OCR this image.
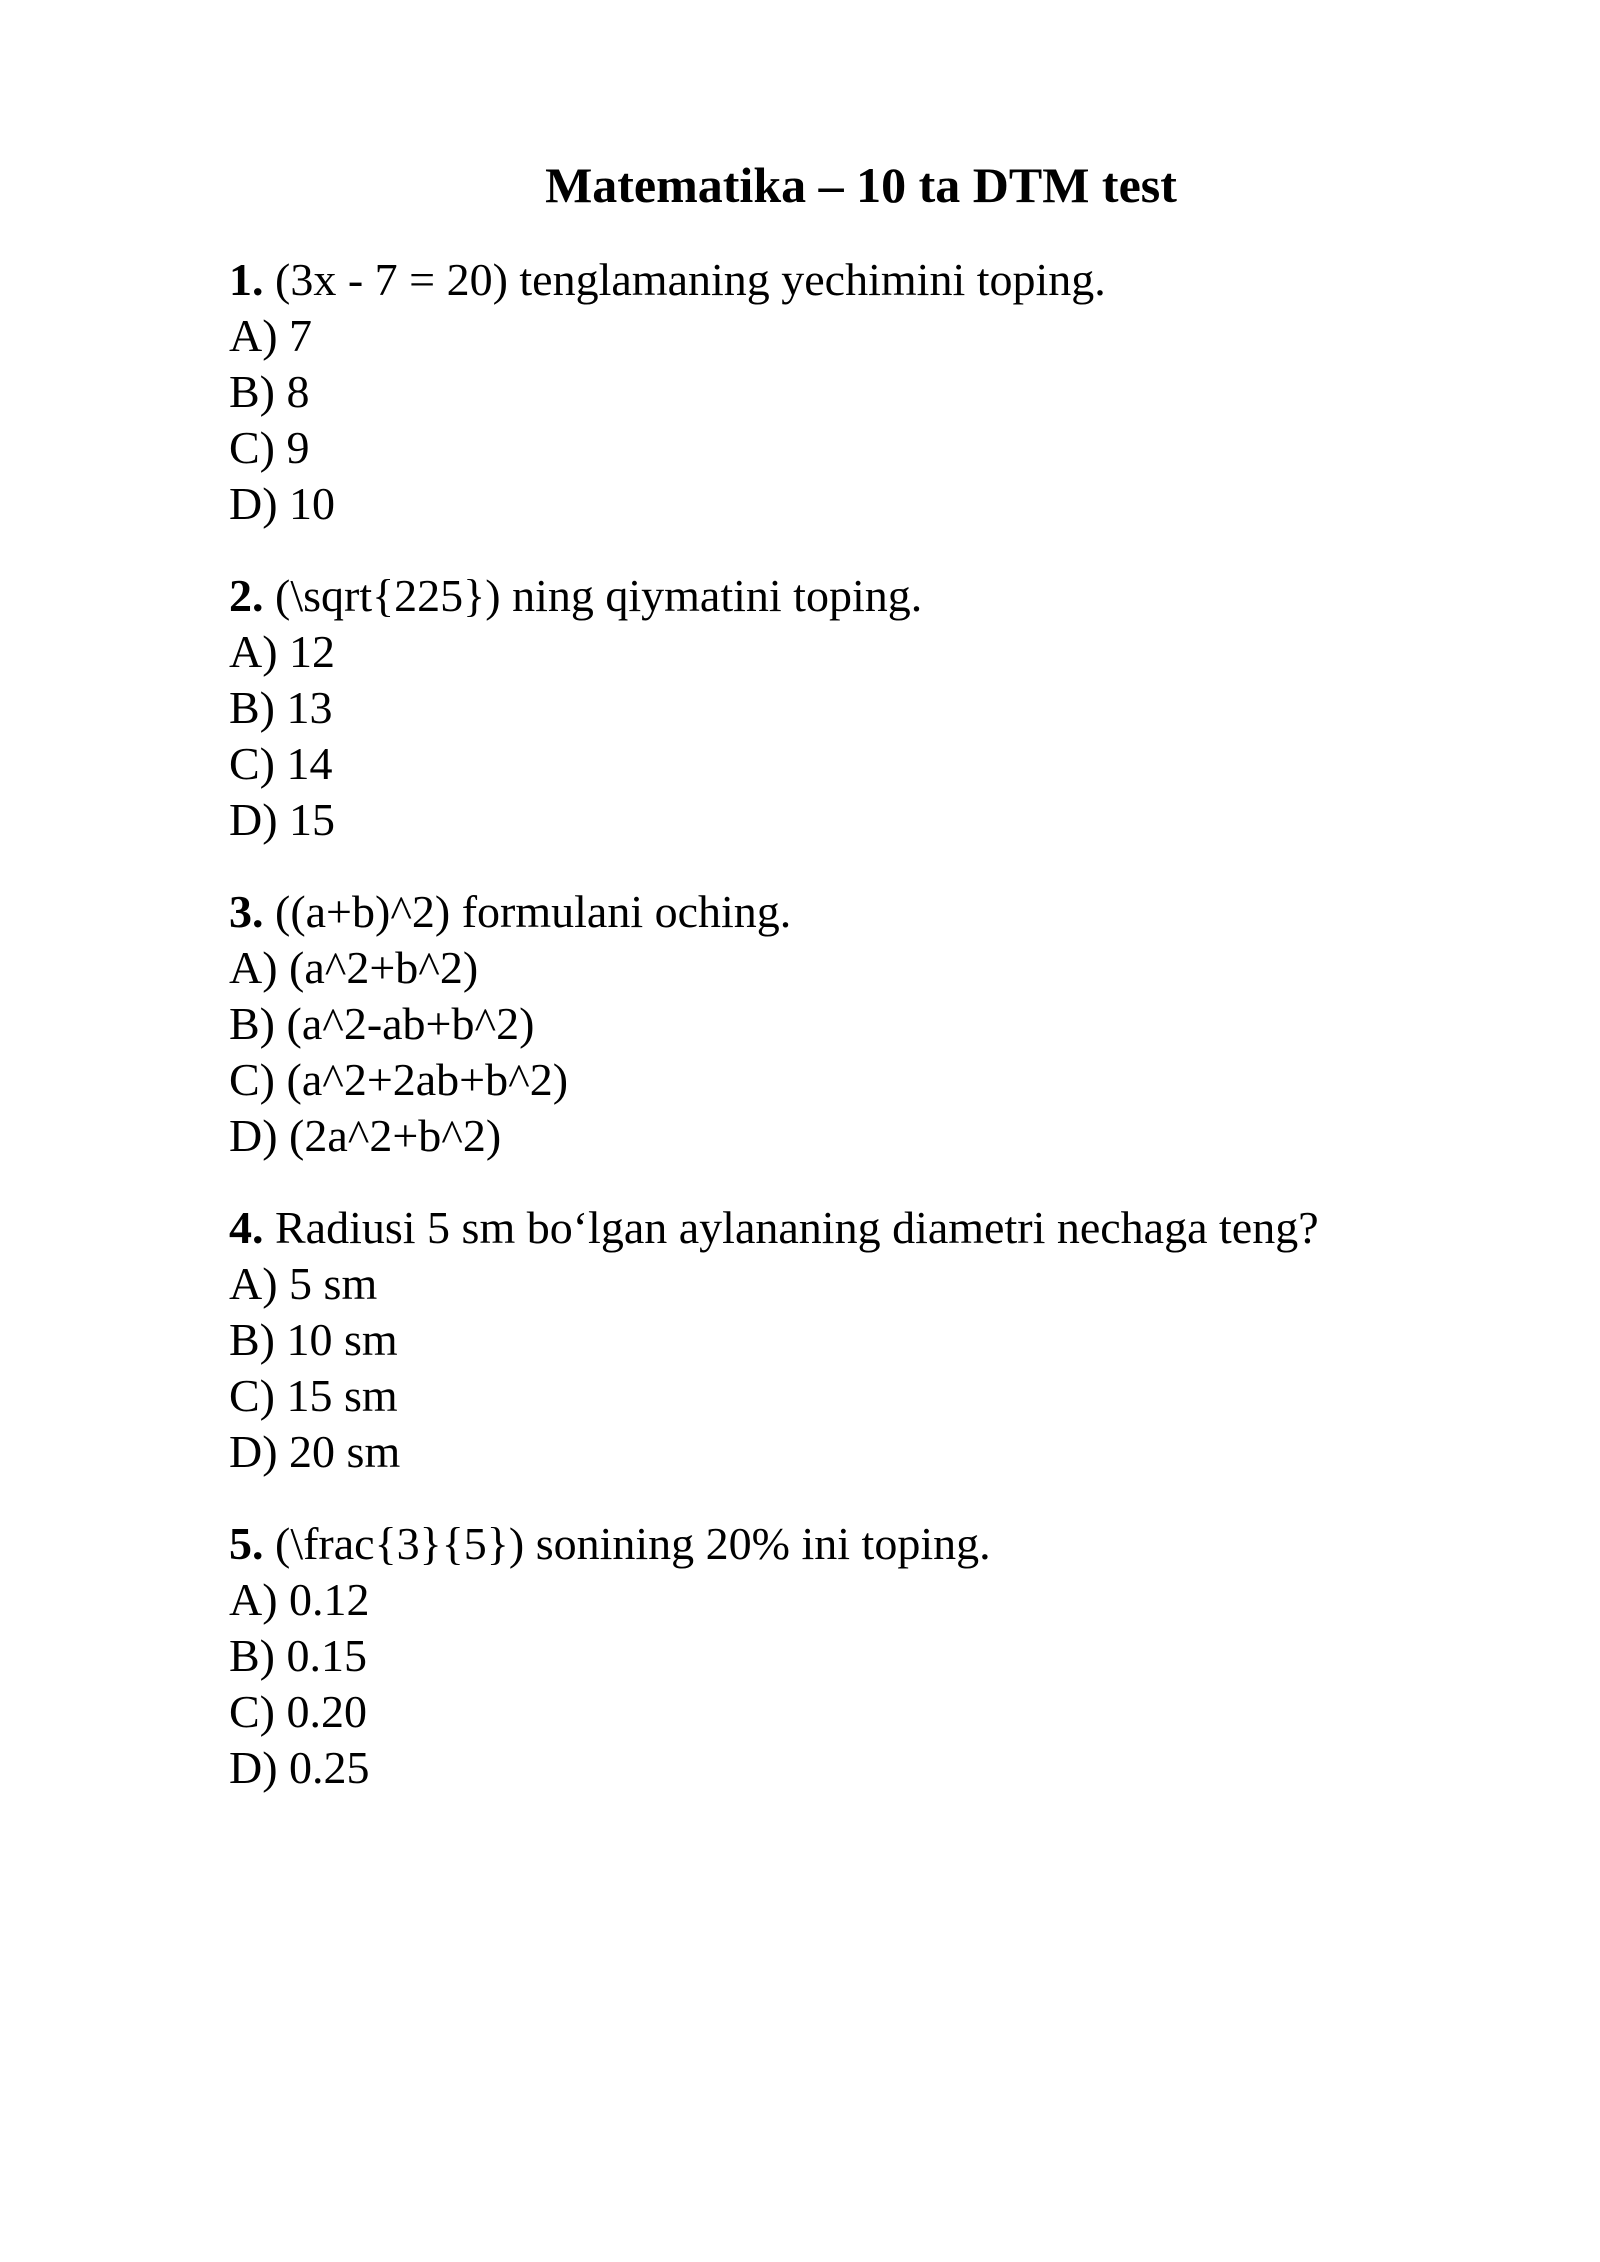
Matematika – 10 ta DTM test
1. (3x - 7 = 20) tenglamaning yechimini toping.
A) 7
B) 8
C) 9
D) 10
2. (\sqrt{225}) ning qiymatini toping.
A) 12
B) 13
C) 14
D) 15
3. ((a+b)^2) formulani oching.
A) (a^2+b^2)
B) (a^2-ab+b^2)
C) (a^2+2ab+b^2)
D) (2a^2+b^2)
4. Radiusi 5 sm bo‘lgan aylananing diametri nechaga teng?
A) 5 sm
B) 10 sm
C) 15 sm
D) 20 sm
5. (\frac{3}{5}) sonining 20% ini toping.
A) 0.12
B) 0.15
C) 0.20
D) 0.25
